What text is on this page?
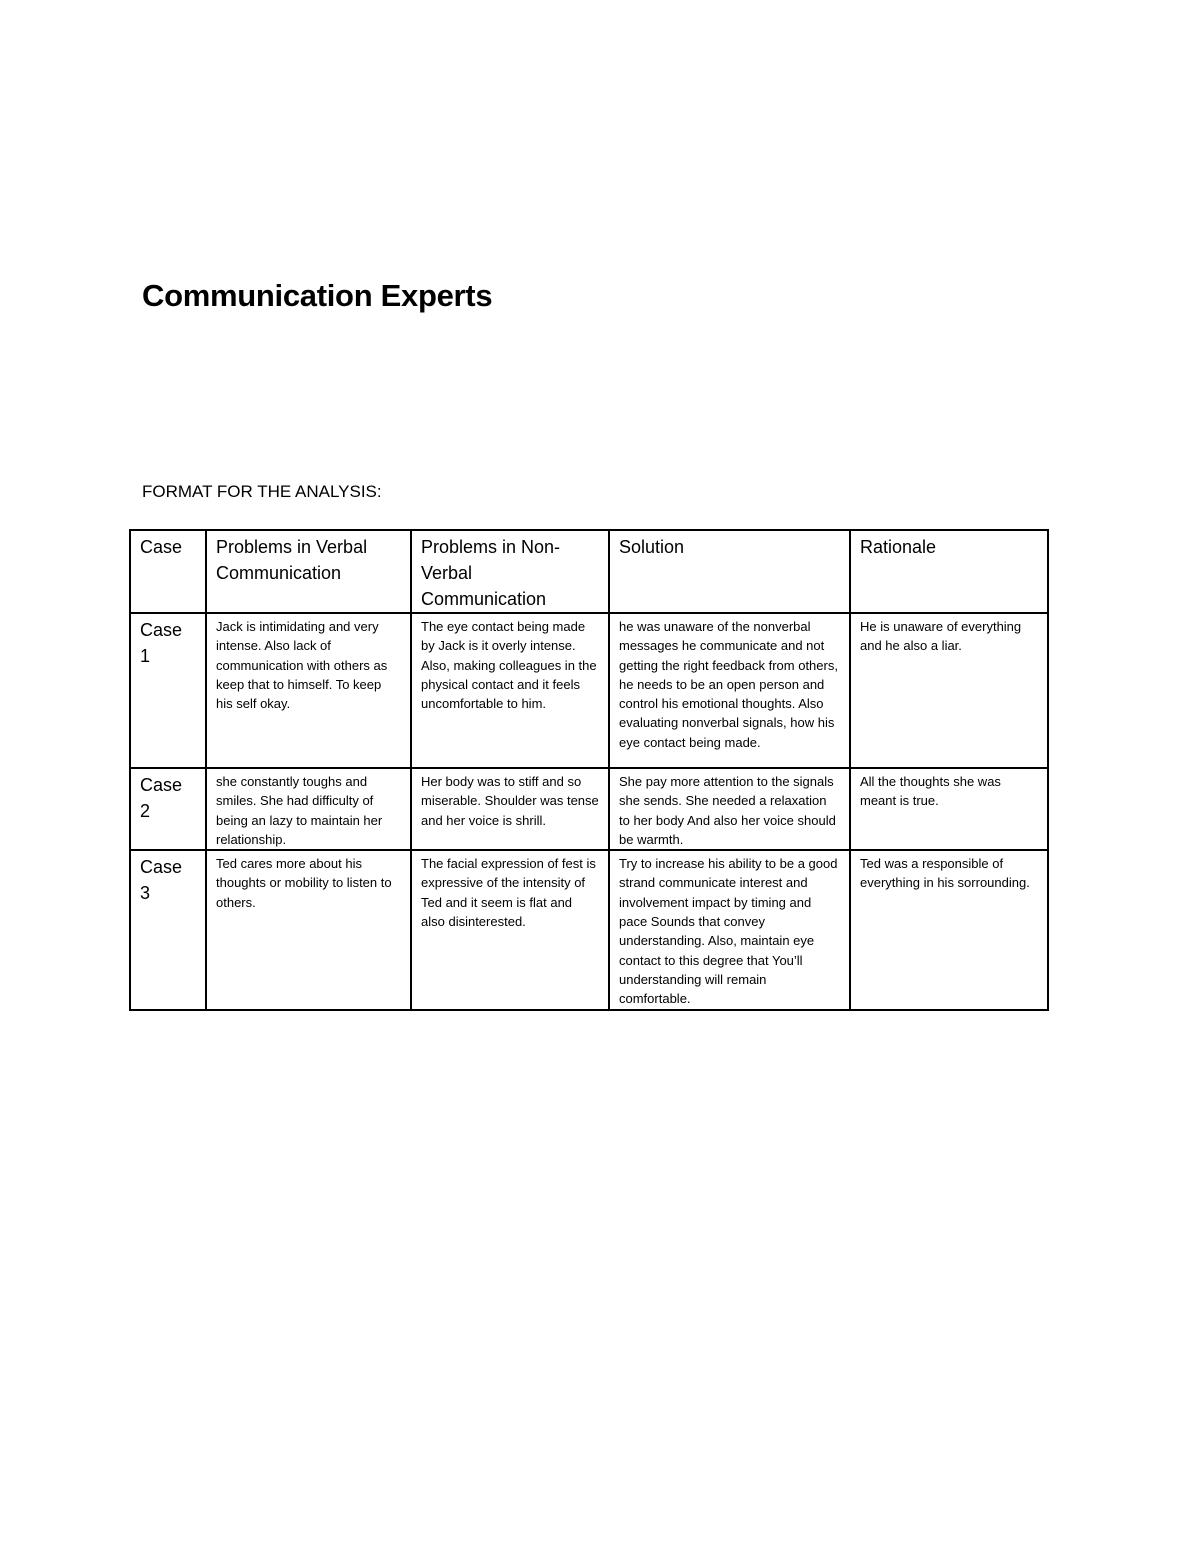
Communication Experts

FORMAT FOR THE ANALYSIS:

Case	Problems in Verbal Communication	Problems in Non-Verbal Communication	Solution	Rationale
Case 1	Jack is intimidating and very intense. Also lack of communication with others as keep that to himself. To keep his self okay.	The eye contact being made by Jack is it overly intense. Also, making colleagues in the physical contact and it feels uncomfortable to him.	he was unaware of the nonverbal messages he communicate and not getting the right feedback from others, he needs to be an open person and control his emotional thoughts. Also evaluating nonverbal signals, how his eye contact being made.	He is unaware of everything and he also a liar.
Case 2	she constantly toughs and smiles. She had difficulty of being an lazy to maintain her relationship.	Her body was to stiff and so miserable. Shoulder was tense and her voice is shrill.	She pay more attention to the signals she sends. She needed a relaxation to her body And also her voice should be warmth.	All the thoughts she was meant is true.
Case 3	Ted cares more about his thoughts or mobility to listen to others.	The facial expression of fest is expressive of the intensity of Ted and it seem is flat and also disinterested.	Try to increase his ability to be a good strand communicate interest and involvement impact by timing and pace Sounds that convey understanding. Also, maintain eye contact to this degree that You’ll understanding will remain comfortable.	Ted was a responsible of everything in his sorrounding.
